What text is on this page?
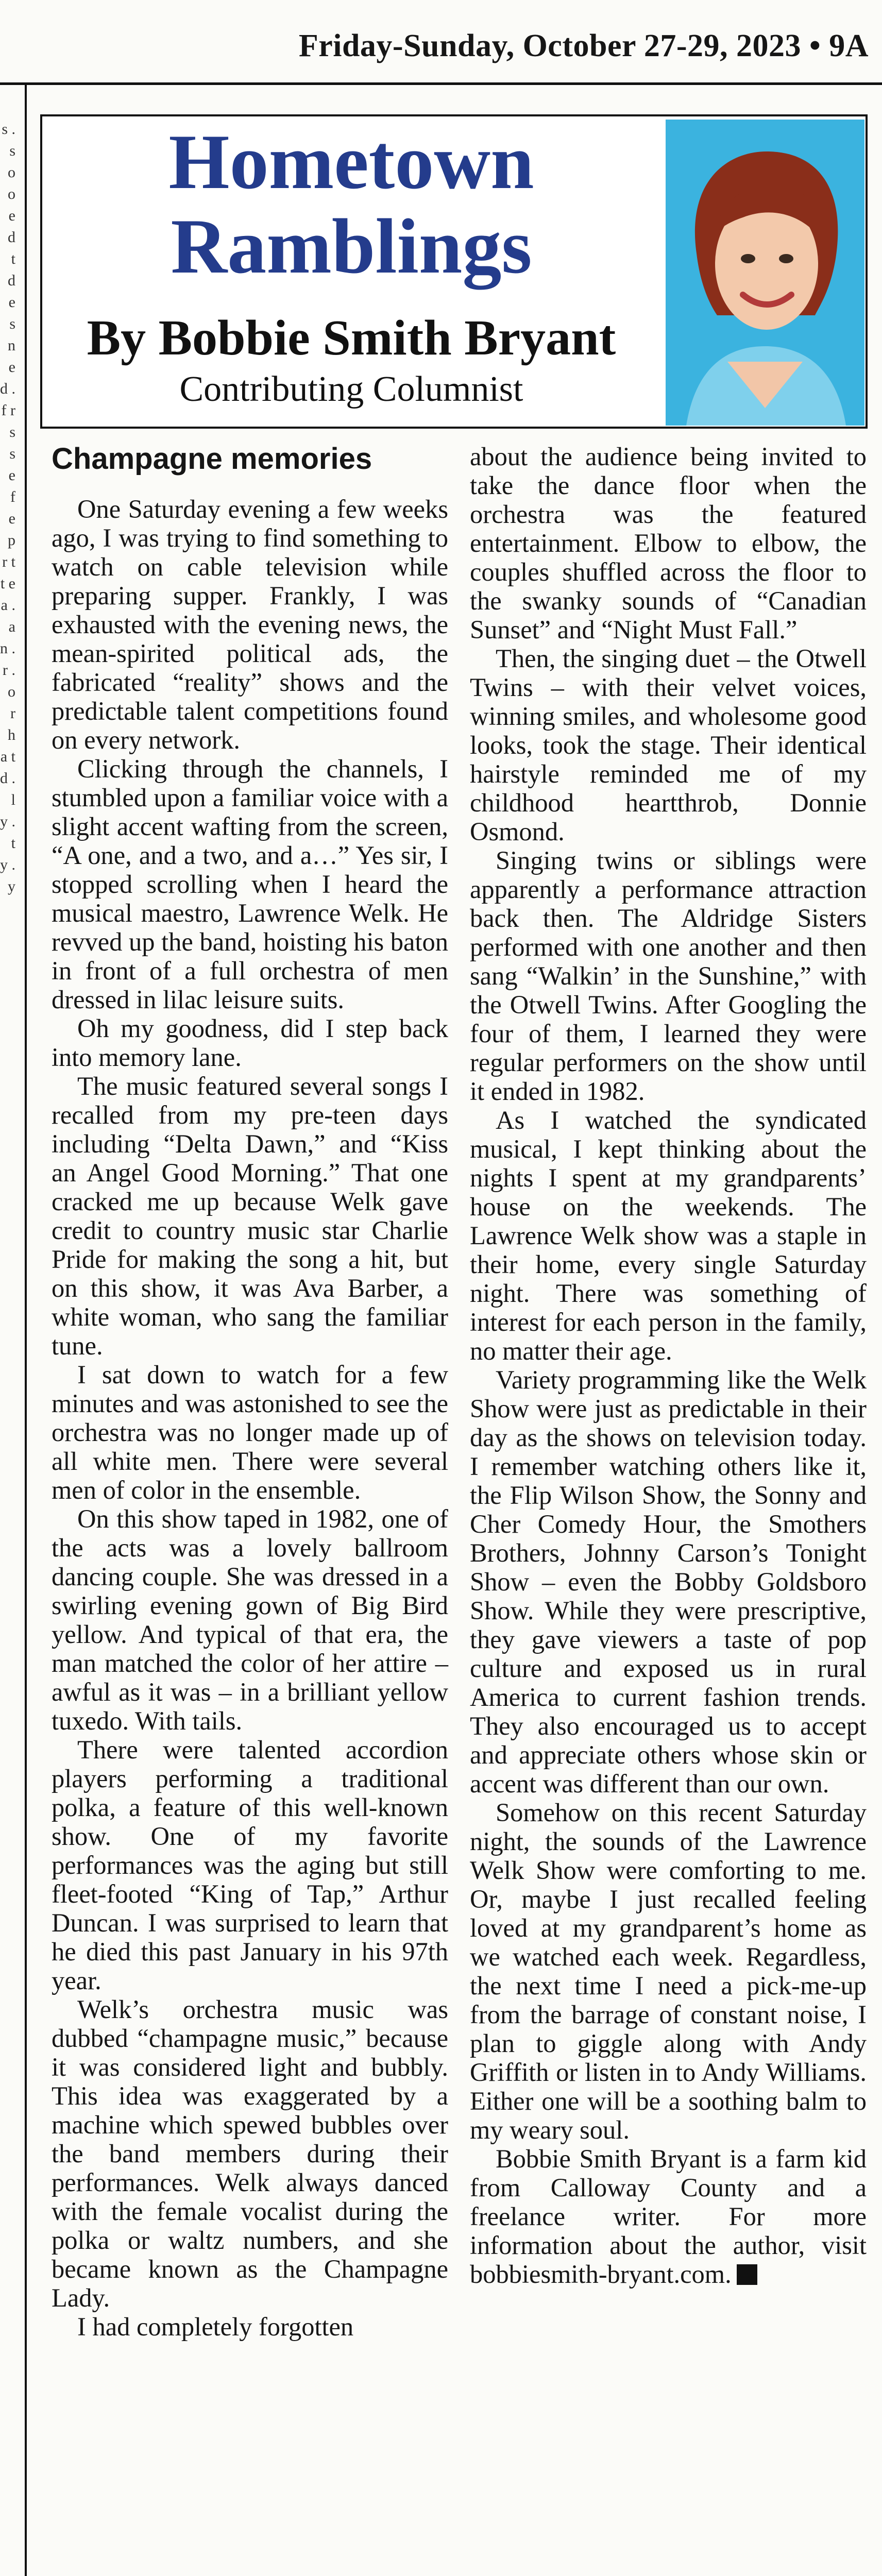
Friday-Sunday, October 27-29, 2023 • 9A
s . s o o e d t d e s n e d . f r s s e f e p r t t e a . a n . r . o r h a t d . l y . t y . y
Hometown
Ramblings
By Bobbie Smith Bryant
Contributing Columnist
Champagne memories

One Saturday evening a few weeks ago, I was trying to find something to watch on cable television while preparing supper. Frankly, I was exhausted with the evening news, the mean-spirited political ads, the fabricated “reality” shows and the predictable talent competitions found on every network.

Clicking through the channels, I stumbled upon a familiar voice with a slight accent wafting from the screen, “A one, and a two, and a…” Yes sir, I stopped scrolling when I heard the musical maestro, Lawrence Welk. He revved up the band, hoisting his baton in front of a full orchestra of men dressed in lilac leisure suits.

Oh my goodness, did I step back into memory lane.

The music featured several songs I recalled from my pre-teen days including “Delta Dawn,” and “Kiss an Angel Good Morning.” That one cracked me up because Welk gave credit to country music star Charlie Pride for making the song a hit, but on this show, it was Ava Barber, a white woman, who sang the familiar tune.

I sat down to watch for a few minutes and was astonished to see the orchestra was no longer made up of all white men. There were several men of color in the ensemble.

On this show taped in 1982, one of the acts was a lovely ballroom dancing couple. She was dressed in a swirling evening gown of Big Bird yellow. And typical of that era, the man matched the color of her attire – awful as it was – in a brilliant yellow tuxedo. With tails.

There were talented accordion players performing a traditional polka, a feature of this well-known show. One of my favorite performances was the aging but still fleet-footed “King of Tap,” Arthur Duncan. I was surprised to learn that he died this past January in his 97th year.

Welk’s orchestra music was dubbed “champagne music,” because it was considered light and bubbly. This idea was exaggerated by a machine which spewed bubbles over the band members during their performances. Welk always danced with the female vocalist during the polka or waltz numbers, and she became known as the Champagne Lady.

I had completely forgotten

about the audience being invited to take the dance floor when the orchestra was the featured entertainment. Elbow to elbow, the couples shuffled across the floor to the swanky sounds of “Canadian Sunset” and “Night Must Fall.”

Then, the singing duet – the Otwell Twins – with their velvet voices, winning smiles, and wholesome good looks, took the stage. Their identical hairstyle reminded me of my childhood heartthrob, Donnie Osmond.

Singing twins or siblings were apparently a performance attraction back then. The Aldridge Sisters performed with one another and then sang “Walkin’ in the Sunshine,” with the Otwell Twins. After Googling the four of them, I learned they were regular performers on the show until it ended in 1982.

As I watched the syndicated musical, I kept thinking about the nights I spent at my grandparents’ house on the weekends. The Lawrence Welk show was a staple in their home, every single Saturday night. There was something of interest for each person in the family, no matter their age.

Variety programming like the Welk Show were just as predictable in their day as the shows on television today. I remember watching others like it, the Flip Wilson Show, the Sonny and Cher Comedy Hour, the Smothers Brothers, Johnny Carson’s Tonight Show – even the Bobby Goldsboro Show. While they were prescriptive, they gave viewers a taste of pop culture and exposed us in rural America to current fashion trends. They also encouraged us to accept and appreciate others whose skin or accent was different than our own.

Somehow on this recent Saturday night, the sounds of the Lawrence Welk Show were comforting to me. Or, maybe I just recalled feeling loved at my grandparent’s home as we watched each week. Regardless, the next time I need a pick-me-up from the barrage of constant noise, I plan to giggle along with Andy Griffith or listen in to Andy Williams. Either one will be a soothing balm to my weary soul.

Bobbie Smith Bryant is a farm kid from Calloway County and a freelance writer. For more information about the author, visit bobbiesmith-bryant.com.
